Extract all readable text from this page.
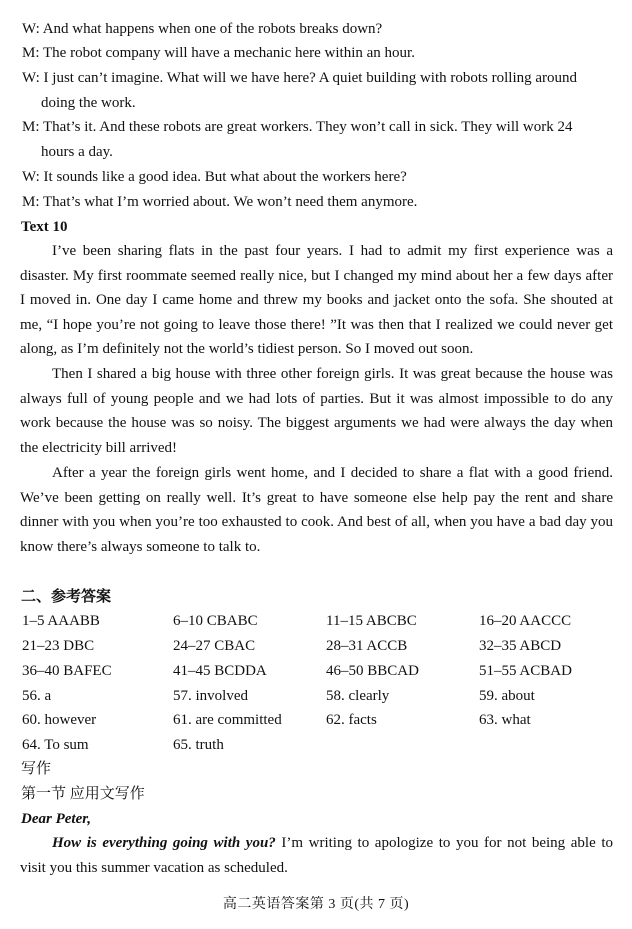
W: And what happens when one of the robots breaks down?
M: The robot company will have a mechanic here within an hour.
W: I just can’t imagine. What will we have here? A quiet building with robots rolling around
doing the work.
M: That’s it. And these robots are great workers. They won’t call in sick. They will work 24
hours a day.
W: It sounds like a good idea. But what about the workers here?
M: That’s what I’m worried about. We won’t need them anymore.
Text 10

I’ve been sharing flats in the past four years. I had to admit my first experience was a disaster. My first roommate seemed really nice, but I changed my mind about her a few days after I moved in. One day I came home and threw my books and jacket onto the sofa. She shouted at me, “I hope you’re not going to leave those there! ”It was then that I realized we could never get along, as I’m definitely not the world’s tidiest person. So I moved out soon.

Then I shared a big house with three other foreign girls. It was great because the house was always full of young people and we had lots of parties. But it was almost impossible to do any work because the house was so noisy. The biggest arguments we had were always the day when the electricity bill arrived!

After a year the foreign girls went home, and I decided to share a flat with a good friend. We’ve been getting on really well. It’s great to have someone else help pay the rent and share dinner with you when you’re too exhausted to cook. And best of all, when you have a bad day you know there’s always someone to talk to.

二、参考答案
1–5 AAABB	6–10 CBABC	11–15 ABCBC	16–20 AACCC
21–23 DBC	24–27 CBAC	28–31 ACCB	32–35 ABCD
36–40 BAFEC	41–45 BCDDA	46–50 BBCAD	51–55 ACBAD
56. a	57. involved	58. clearly	59. about
60. however	61. are committed	62. facts	63. what
64. To sum	65. truth
写作
第一节 应用文写作
Dear Peter,

How is everything going with you? I’m writing to apologize to you for not being able to visit you this summer vacation as scheduled.

高二英语答案第 3 页(共 7 页)
